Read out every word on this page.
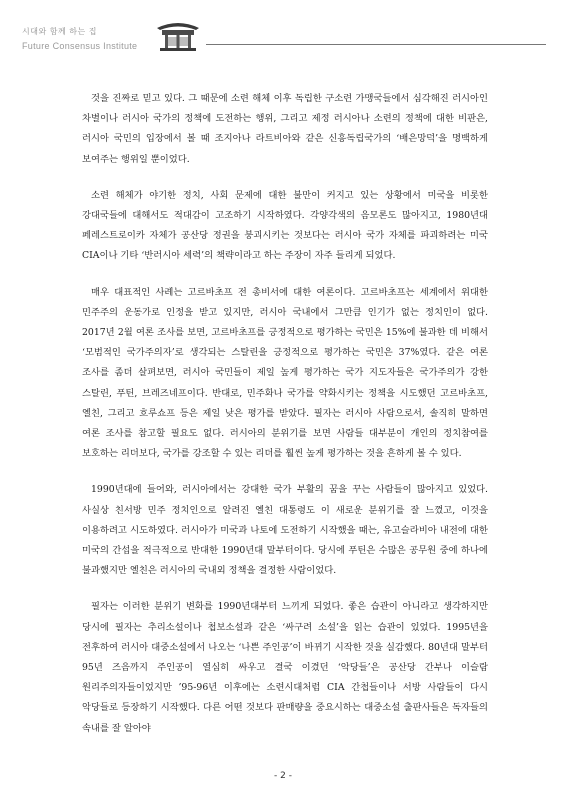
시대와 함께 하는 집
Future Consensus Institute

것을 진짜로 믿고 있다. 그 때문에 소련 해체 이후 독립한 구소련 가맹국들에서 심각해진 러시아인 차별이나 러시아 국가의 정책에 도전하는 행위, 그리고 제정 러시아나 소련의 정책에 대한 비판은, 러시아 국민의 입장에서 볼 때 조지아나 라트비아와 같은 신흥독립국가의 ‘배은망덕’을 명백하게 보여주는 행위일 뿐이었다.

소련 해체가 야기한 정치, 사회 문제에 대한 불만이 커지고 있는 상황에서 미국을 비롯한 강대국들에 대해서도 적대감이 고조하기 시작하였다. 각양각색의 음모론도 많아지고, 1980년대 페레스트로이카 자체가 공산당 정권을 붕괴시키는 것보다는 러시아 국가 자체를 파괴하려는 미국 CIA이나 기타 ‘반러시아 세력’의 책략이라고 하는 주장이 자주 들리게 되었다.

매우 대표적인 사례는 고르바초프 전 총비서에 대한 여론이다. 고르바초프는 세계에서 위대한 민주주의 운동가로 인정을 받고 있지만, 러시아 국내에서 그만큼 인기가 없는 정치인이 없다. 2017년 2월 여론 조사를 보면, 고르바초프를 긍정적으로 평가하는 국민은 15%에 불과한 데 비해서 ‘모범적인 국가주의자’로 생각되는 스탈린을 긍정적으로 평가하는 국민은 37%였다. 같은 여론 조사를 좀더 살펴보면, 러시아 국민들이 제일 높게 평가하는 국가 지도자들은 국가주의가 강한 스탈린, 푸틴, 브레즈네프이다. 반대로, 민주화나 국가를 약화시키는 정책을 시도했던 고르바초프, 옐친, 그리고 흐루쇼프 등은 제일 낮은 평가를 받았다. 필자는 러시아 사람으로서, 솔직히 말하면 여론 조사를 참고할 필요도 없다. 러시아의 분위기를 보면 사람들 대부분이 개인의 정치참여를 보호하는 리더보다, 국가를 강조할 수 있는 리더를 훨씬 높게 평가하는 것을 흔하게 볼 수 있다.

1990년대에 들어와, 러시아에서는 강대한 국가 부활의 꿈을 꾸는 사람들이 많아지고 있었다. 사실상 친서방 민주 정치인으로 알려진 옐친 대통령도 이 새로운 분위기를 잘 느꼈고, 이것을 이용하려고 시도하였다. 러시아가 미국과 나토에 도전하기 시작했을 때는, 유고슬라비아 내전에 대한 미국의 간섭을 적극적으로 반대한 1990년대 말부터이다. 당시에 푸틴은 수많은 공무원 중에 하나에 불과했지만 옐친은 러시아의 국내외 정책을 결정한 사람이었다.

필자는 이러한 분위기 변화를 1990년대부터 느끼게 되었다. 좋은 습관이 아니라고 생각하지만 당시에 필자는 추리소설이나 첩보소설과 같은 ‘싸구려 소설’을 읽는 습관이 있었다. 1995년을 전후하여 러시아 대중소설에서 나오는 ‘나쁜 주인공’이 바뀌기 시작한 것을 실감했다. 80년대 말부터 95년 즈음까지 주인공이 열심히 싸우고 결국 이겼던 ‘악당들’은 공산당 간부나 이슬람 원리주의자들이었지만 ’95-96년 이후에는 소련시대처럼 CIA 간첩들이나 서방 사람들이 다시 악당들로 등장하기 시작했다. 다른 어떤 것보다 판매량을 중요시하는 대중소설 출판사들은 독자들의 속내를 잘 알아야

- 2 -
